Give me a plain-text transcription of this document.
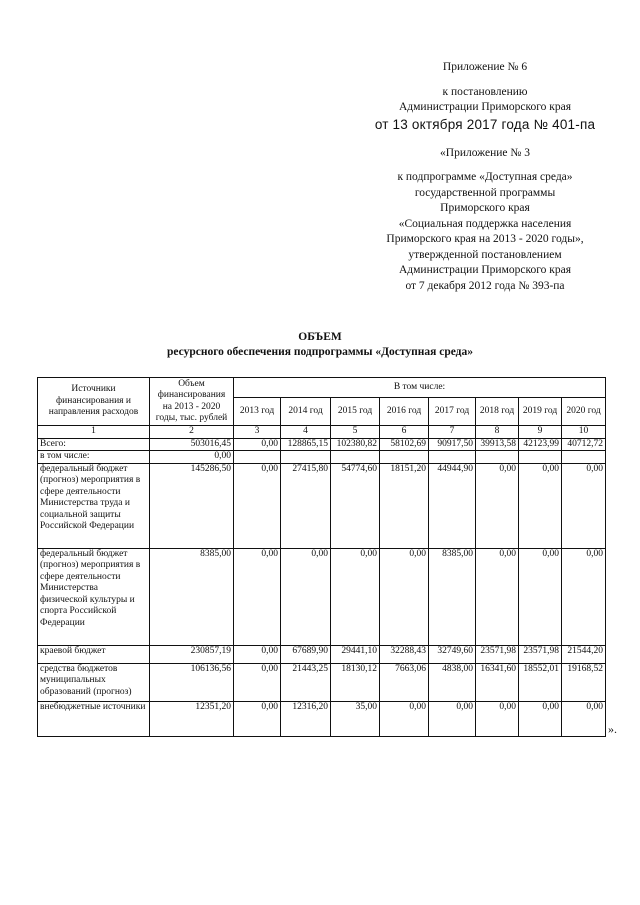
Приложение № 6
к постановлению
Администрации Приморского края
от 13 октября 2017 года № 401-па
«Приложение № 3
к подпрограмме «Доступная среда»
государственной программы
Приморского края
«Социальная поддержка населения
Приморского края на 2013 - 2020 годы»,
утвержденной постановлением
Администрации Приморского края
от 7 декабря 2012 года № 393-па
ОБЪЕМ
ресурсного обеспечения подпрограммы «Доступная среда»
Источники финансирования и направления расходов	Объем финансирования на 2013 - 2020 годы, тыс. рублей	В том числе:							
		2013 год	2014 год	2015 год	2016 год	2017 год	2018 год	2019 год	2020 год
1	2	3	4	5	6	7	8	9	10
Всего:	503016,45	0,00	128865,15	102380,82	58102,69	90917,50	39913,58	42123,99	40712,72
в том числе:	0,00								
федеральный бюджет (прогноз) мероприятия в сфере деятельности Министерства труда и социальной защиты Российской Федерации	145286,50	0,00	27415,80	54774,60	18151,20	44944,90	0,00	0,00	0,00
федеральный бюджет (прогноз) мероприятия в сфере деятельности Министерства физической культуры и спорта Российской Федерации	8385,00	0,00	0,00	0,00	0,00	8385,00	0,00	0,00	0,00
краевой бюджет	230857,19	0,00	67689,90	29441,10	32288,43	32749,60	23571,98	23571,98	21544,20
средства бюджетов муниципальных образований (прогноз)	106136,56	0,00	21443,25	18130,12	7663,06	4838,00	16341,60	18552,01	19168,52
внебюджетные источники	12351,20	0,00	12316,20	35,00	0,00	0,00	0,00	0,00	0,00
».
